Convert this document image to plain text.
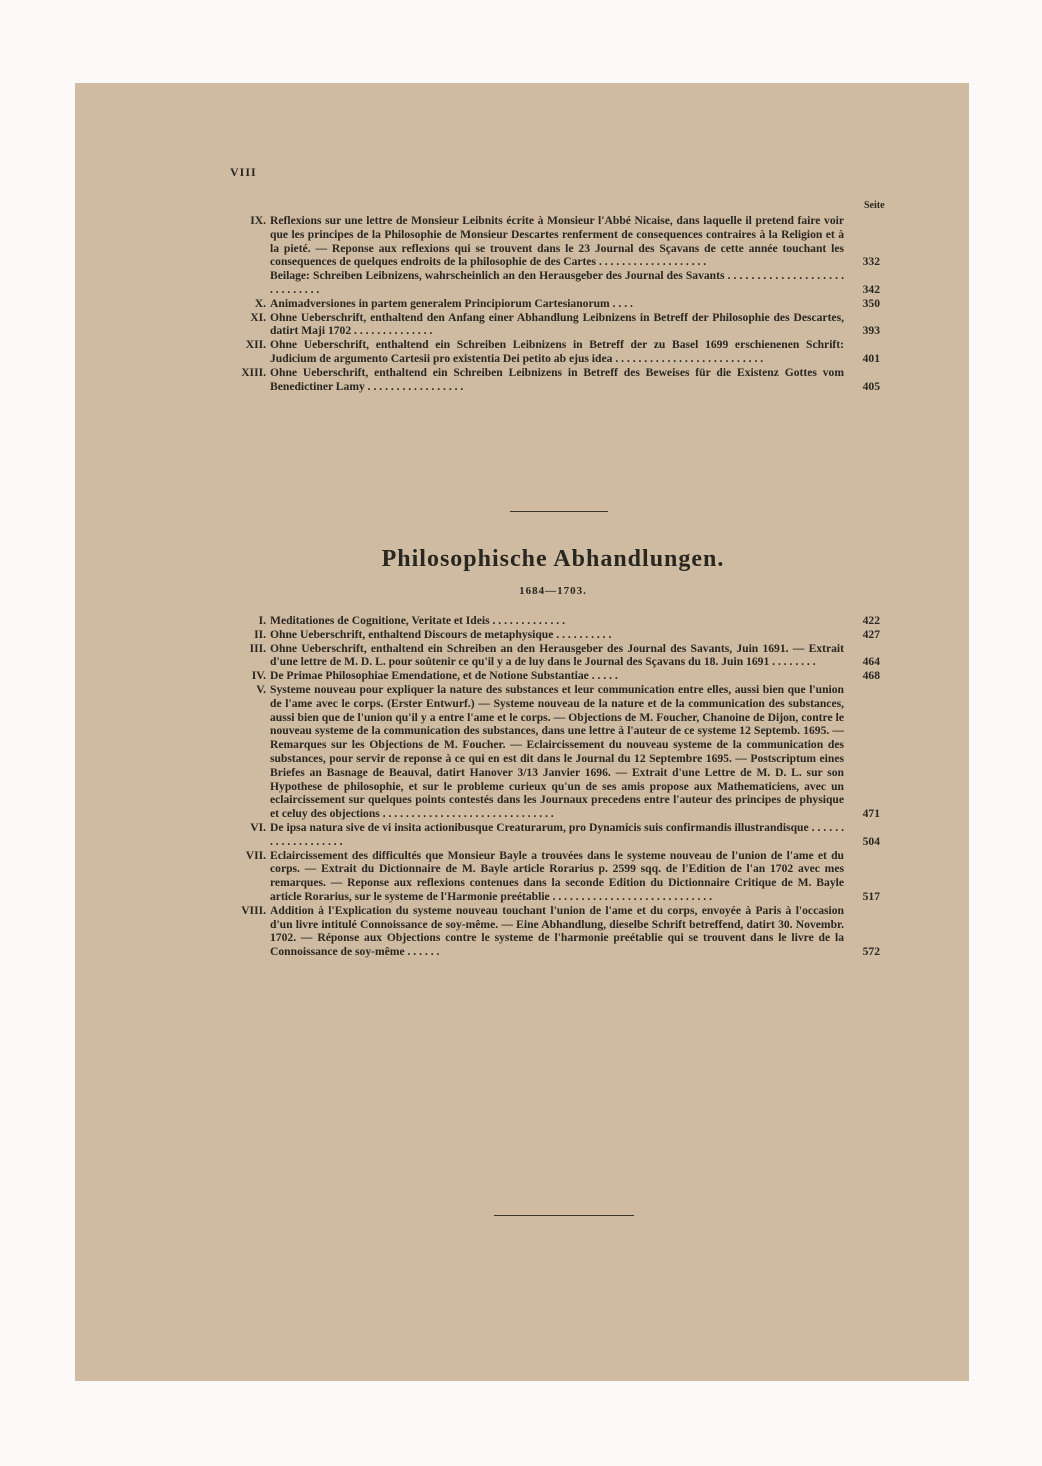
VIII
Seite
IX. Reflexions sur une lettre de Monsieur Leibnits écrite à Monsieur l'Abbé Nicaise, dans laquelle il pretend faire voir que les principes de la Philosophie de Monsieur Descartes renferment de consequences contraires à la Religion et à la pieté. — Reponse aux reflexions qui se trouvent dans le 23 Journal des Sçavans de cette année touchant les consequences de quelques endroits de la philosophie de des Cartes . . . . . . . . . . . . . . . . . . .	332
Beilage: Schreiben Leibnizens, wahrscheinlich an den Herausgeber des Journal des Savants . . . . . . . . . . . . . . . . . . . . . . . . . . . . .	342
X. Animadversiones in partem generalem Principiorum Cartesianorum . . . .	350
XI. Ohne Ueberschrift, enthaltend den Anfang einer Abhandlung Leibnizens in Betreff der Philosophie des Descartes, datirt Maji 1702 . . . . . . . . . . . . . .	393
XII. Ohne Ueberschrift, enthaltend ein Schreiben Leibnizens in Betreff der zu Basel 1699 erschienenen Schrift: Judicium de argumento Cartesii pro existentia Dei petito ab ejus idea . . . . . . . . . . . . . . . . . . . . . . . . . .	401
XIII. Ohne Ueberschrift, enthaltend ein Schreiben Leibnizens in Betreff des Beweises für die Existenz Gottes vom Benedictiner Lamy . . . . . . . . . . . . . . . . .	405
Philosophische Abhandlungen.
1684—1703.
I. Meditationes de Cognitione, Veritate et Ideis . . . . . . . . . . . . .	422
II. Ohne Ueberschrift, enthaltend Discours de metaphysique . . . . . . . . . .	427
III. Ohne Ueberschrift, enthaltend ein Schreiben an den Herausgeber des Journal des Savants, Juin 1691. — Extrait d'une lettre de M. D. L. pour soûtenir ce qu'il y a de luy dans le Journal des Sçavans du 18. Juin 1691 . . . . . . . .	464
IV. De Primae Philosophiae Emendatione, et de Notione Substantiae . . . . .	468
V. Systeme nouveau pour expliquer la nature des substances et leur communication entre elles, aussi bien que l'union de l'ame avec le corps. (Erster Entwurf.) — Systeme nouveau de la nature et de la communication des substances, aussi bien que de l'union qu'il y a entre l'ame et le corps. — Objections de M. Foucher, Chanoine de Dijon, contre le nouveau systeme de la communication des substances, dans une lettre à l'auteur de ce systeme 12 Septemb. 1695. — Remarques sur les Objections de M. Foucher. — Eclaircissement du nouveau systeme de la communication des substances, pour servir de reponse à ce qui en est dit dans le Journal du 12 Septembre 1695. — Postscriptum eines Briefes an Basnage de Beauval, datirt Hanover 3/13 Janvier 1696. — Extrait d'une Lettre de M. D. L. sur son Hypothese de philosophie, et sur le probleme curieux qu'un de ses amis propose aux Mathematiciens, avec un eclaircissement sur quelques points contestés dans les Journaux precedens entre l'auteur des principes de physique et celuy des objections . . . . . . . . . . . . . . . . . . . . . . . . . . . . . .	471
VI. De ipsa natura sive de vi insita actionibusque Creaturarum, pro Dynamicis suis confirmandis illustrandisque . . . . . . . . . . . . . . . . . . .	504
VII. Eclaircissement des difficultés que Monsieur Bayle a trouvées dans le systeme nouveau de l'union de l'ame et du corps. — Extrait du Dictionnaire de M. Bayle article Rorarius p. 2599 sqq. de l'Edition de l'an 1702 avec mes remarques. — Reponse aux reflexions contenues dans la seconde Edition du Dictionnaire Critique de M. Bayle article Rorarius, sur le systeme de l'Harmonie preétablie . . . . . . . . . . . . . . . . . . . . . . . . . . . .	517
VIII. Addition à l'Explication du systeme nouveau touchant l'union de l'ame et du corps, envoyée à Paris à l'occasion d'un livre intitulé Connoissance de soy-même. — Eine Abhandlung, dieselbe Schrift betreffend, datirt 30. Novembr. 1702. — Réponse aux Objections contre le systeme de l'harmonie preétablie qui se trouvent dans le livre de la Connoissance de soy-même . . . . . .	572
